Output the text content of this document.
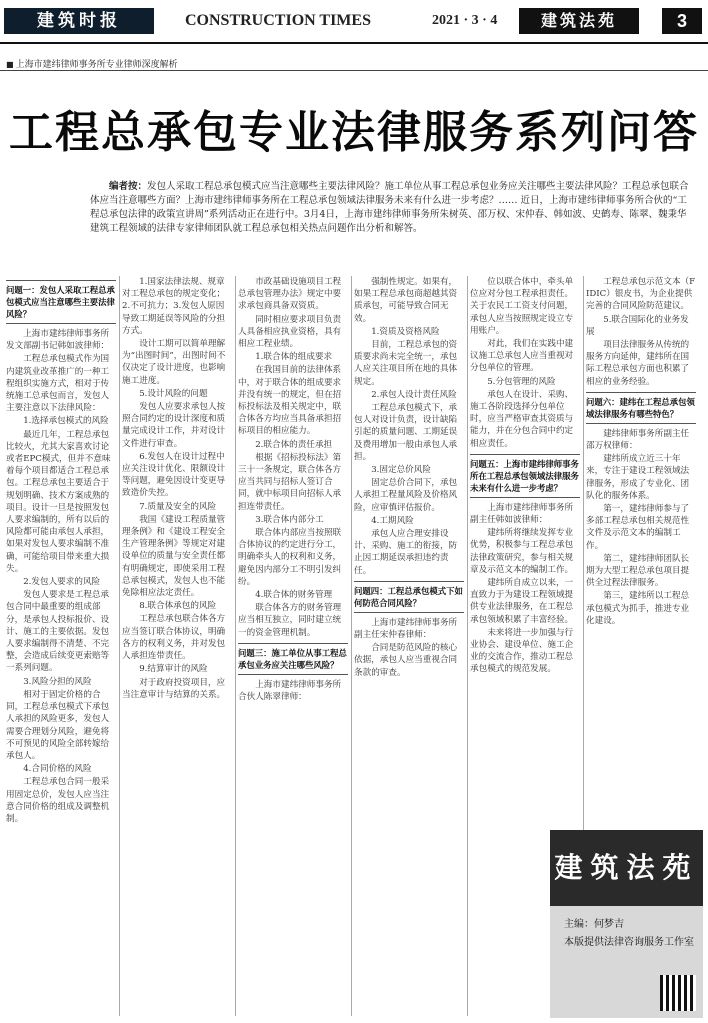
建筑时报	CONSTRUCTION TIMES	2021 · 3 · 4	建筑法苑	3
■ 上海市建纬律师事务所专业律师深度解析
工程总承包专业法律服务系列问答
编者按：发包人采取工程总承包模式应当注意哪些主要法律风险？施工单位从事工程总承包业务应关注哪些主要法律风险？工程总承包联合体应当注意哪些方面？上海市建纬律师事务所在工程总承包领域法律服务未来有什么进一步考虑？…… 近日，上海市建纬律师事务所合伙的“工程总承包法律的政策宣讲周”系列活动正在进行中。3月4日，上海市建纬律师事务所朱树英、邵万权、宋仲春、韩如波、史鹤寿、陈翠、魏秉华建筑工程领域的法律专家律师团队就工程总承包相关热点问题作出分析和解答。
问题一：发包人采取工程总承包模式应当注意哪些主要法律风险？

上海市建纬律师事务所发文部副书记韩如波律师：

工程总承包模式作为国内建筑业改革推广的一种工程组织实施方式，相对于传统施工总承包而言，发包人主要注意以下法律风险：

1.选择承包模式的风险

最近几年，工程总承包比较火，尤其大家喜欢讨论或者EPC模式，但并不意味着每个项目都适合工程总承包。工程总承包主要适合于规划明确、技术方案成熟的项目。设计一旦是按照发包人要求编制的，所有以后的风险都可能由承包人承担，如果对发包人要求编制不准确，可能给项目带来重大损失。

2.发包人要求的风险

发包人要求是工程总承包合同中最重要的组成部分，是承包人投标报价、设计、施工的主要依据。发包人要求编制得不清楚、不完整，会造成后续变更索赔等一系列问题。

3.风险分担的风险

相对于固定价格的合同，工程总承包模式下承包人承担的风险更多，发包人需要合理划分风险，避免将不可预见的风险全部转嫁给承包人。

4.合同价格的风险

工程总承包合同一般采用固定总价，发包人应当注意合同价格的组成及调整机制。

1.国家法律法规、规章对工程总承包的规定变化；2.不可抗力；3.发包人原因导致工期延误等风险的分担方式。

设计工期可以简单理解为“出图时间”，出图时间不仅决定了设计进度，也影响施工进度。

5.设计风险的问题

发包人应要求承包人按照合同约定的设计深度和质量完成设计工作，并对设计文件进行审查。

6.发包人在设计过程中应关注设计优化、限额设计等问题，避免因设计变更导致造价失控。

7.质量及安全的风险

我国《建设工程质量管理条例》和《建设工程安全生产管理条例》等规定对建设单位的质量与安全责任都有明确规定，即使采用工程总承包模式，发包人也不能免除相应法定责任。

8.联合体承包的风险

工程总承包联合体各方应当签订联合体协议，明确各方的权利义务，并对发包人承担连带责任。

9.结算审计的风险

对于政府投资项目，应当注意审计与结算的关系。

市政基础设施项目工程总承包管理办法》规定中要求承包商具备双资质。

同时相应要求项目负责人具备相应执业资格，具有相应工程业绩。

1.联合体的组成要求

在我国目前的法律体系中，对于联合体的组成要求并没有统一的规定，但在招标投标法及相关规定中，联合体各方均应当具备承担招标项目的相应能力。

2.联合体的责任承担

根据《招标投标法》第三十一条规定，联合体各方应当共同与招标人签订合同，就中标项目向招标人承担连带责任。

3.联合体内部分工

联合体内部应当按照联合体协议的约定进行分工，明确牵头人的权利和义务，避免因内部分工不明引发纠纷。

4.联合体的财务管理

联合体各方的财务管理应当相互独立，同时建立统一的资金管理机制。

问题三：施工单位从事工程总承包业务应关注哪些风险？

上海市建纬律师事务所合伙人陈翠律师：

强制性规定。如果有，如果工程总承包商超越其资质承包，可能导致合同无效。

1.资质及资格风险

目前，工程总承包的资质要求尚未完全统一，承包人应关注项目所在地的具体规定。

2.承包人设计责任风险

工程总承包模式下，承包人对设计负责，设计缺陷引起的质量问题、工期延误及费用增加一般由承包人承担。

3.固定总价风险

固定总价合同下，承包人承担工程量风险及价格风险，应审慎评估报价。

4.工期风险

承包人应合理安排设计、采购、施工的衔接，防止因工期延误承担违约责任。

问题四：工程总承包模式下如何防范合同风险？

上海市建纬律师事务所副主任宋仲春律师：

合同是防范风险的核心依据，承包人应当重视合同条款的审查。

位以联合体中，牵头单位应对分包工程承担责任。关于农民工工资支付问题，承包人应当按照规定设立专用账户。

对此，我们在实践中建议施工总承包人应当重视对分包单位的管理。

5.分包管理的风险

承包人在设计、采购、施工各阶段选择分包单位时，应当严格审查其资质与能力，并在分包合同中约定相应责任。

问题五：上海市建纬律师事务所在工程总承包领域法律服务未来有什么进一步考虑？

上海市建纬律师事务所副主任韩如波律师：

建纬所将继续发挥专业优势，积极参与工程总承包法律政策研究，参与相关规章及示范文本的编制工作。

建纬所自成立以来，一直致力于为建设工程领域提供专业法律服务，在工程总承包领域积累了丰富经验。

未来将进一步加强与行业协会、建设单位、施工企业的交流合作，推动工程总承包模式的规范发展。

工程总承包示范文本（FIDIC）银皮书，为企业提供完善的合同风险防范建议。

5.联合国际化的业务发展

项目法律服务从传统的服务方向延伸，建纬所在国际工程总承包方面也积累了相应的业务经验。

问题六：建纬在工程总承包领域法律服务有哪些特色？

建纬律师事务所副主任邵万权律师：

建纬所成立近三十年来，专注于建设工程领域法律服务，形成了专业化、团队化的服务体系。

第一，建纬律师参与了多部工程总承包相关规范性文件及示范文本的编制工作。

第二，建纬律师团队长期为大型工程总承包项目提供全过程法律服务。

第三，建纬所以工程总承包模式为抓手，推进专业化建设。

建筑法苑
主编：何梦吉
本版提供法律咨询服务工作室
